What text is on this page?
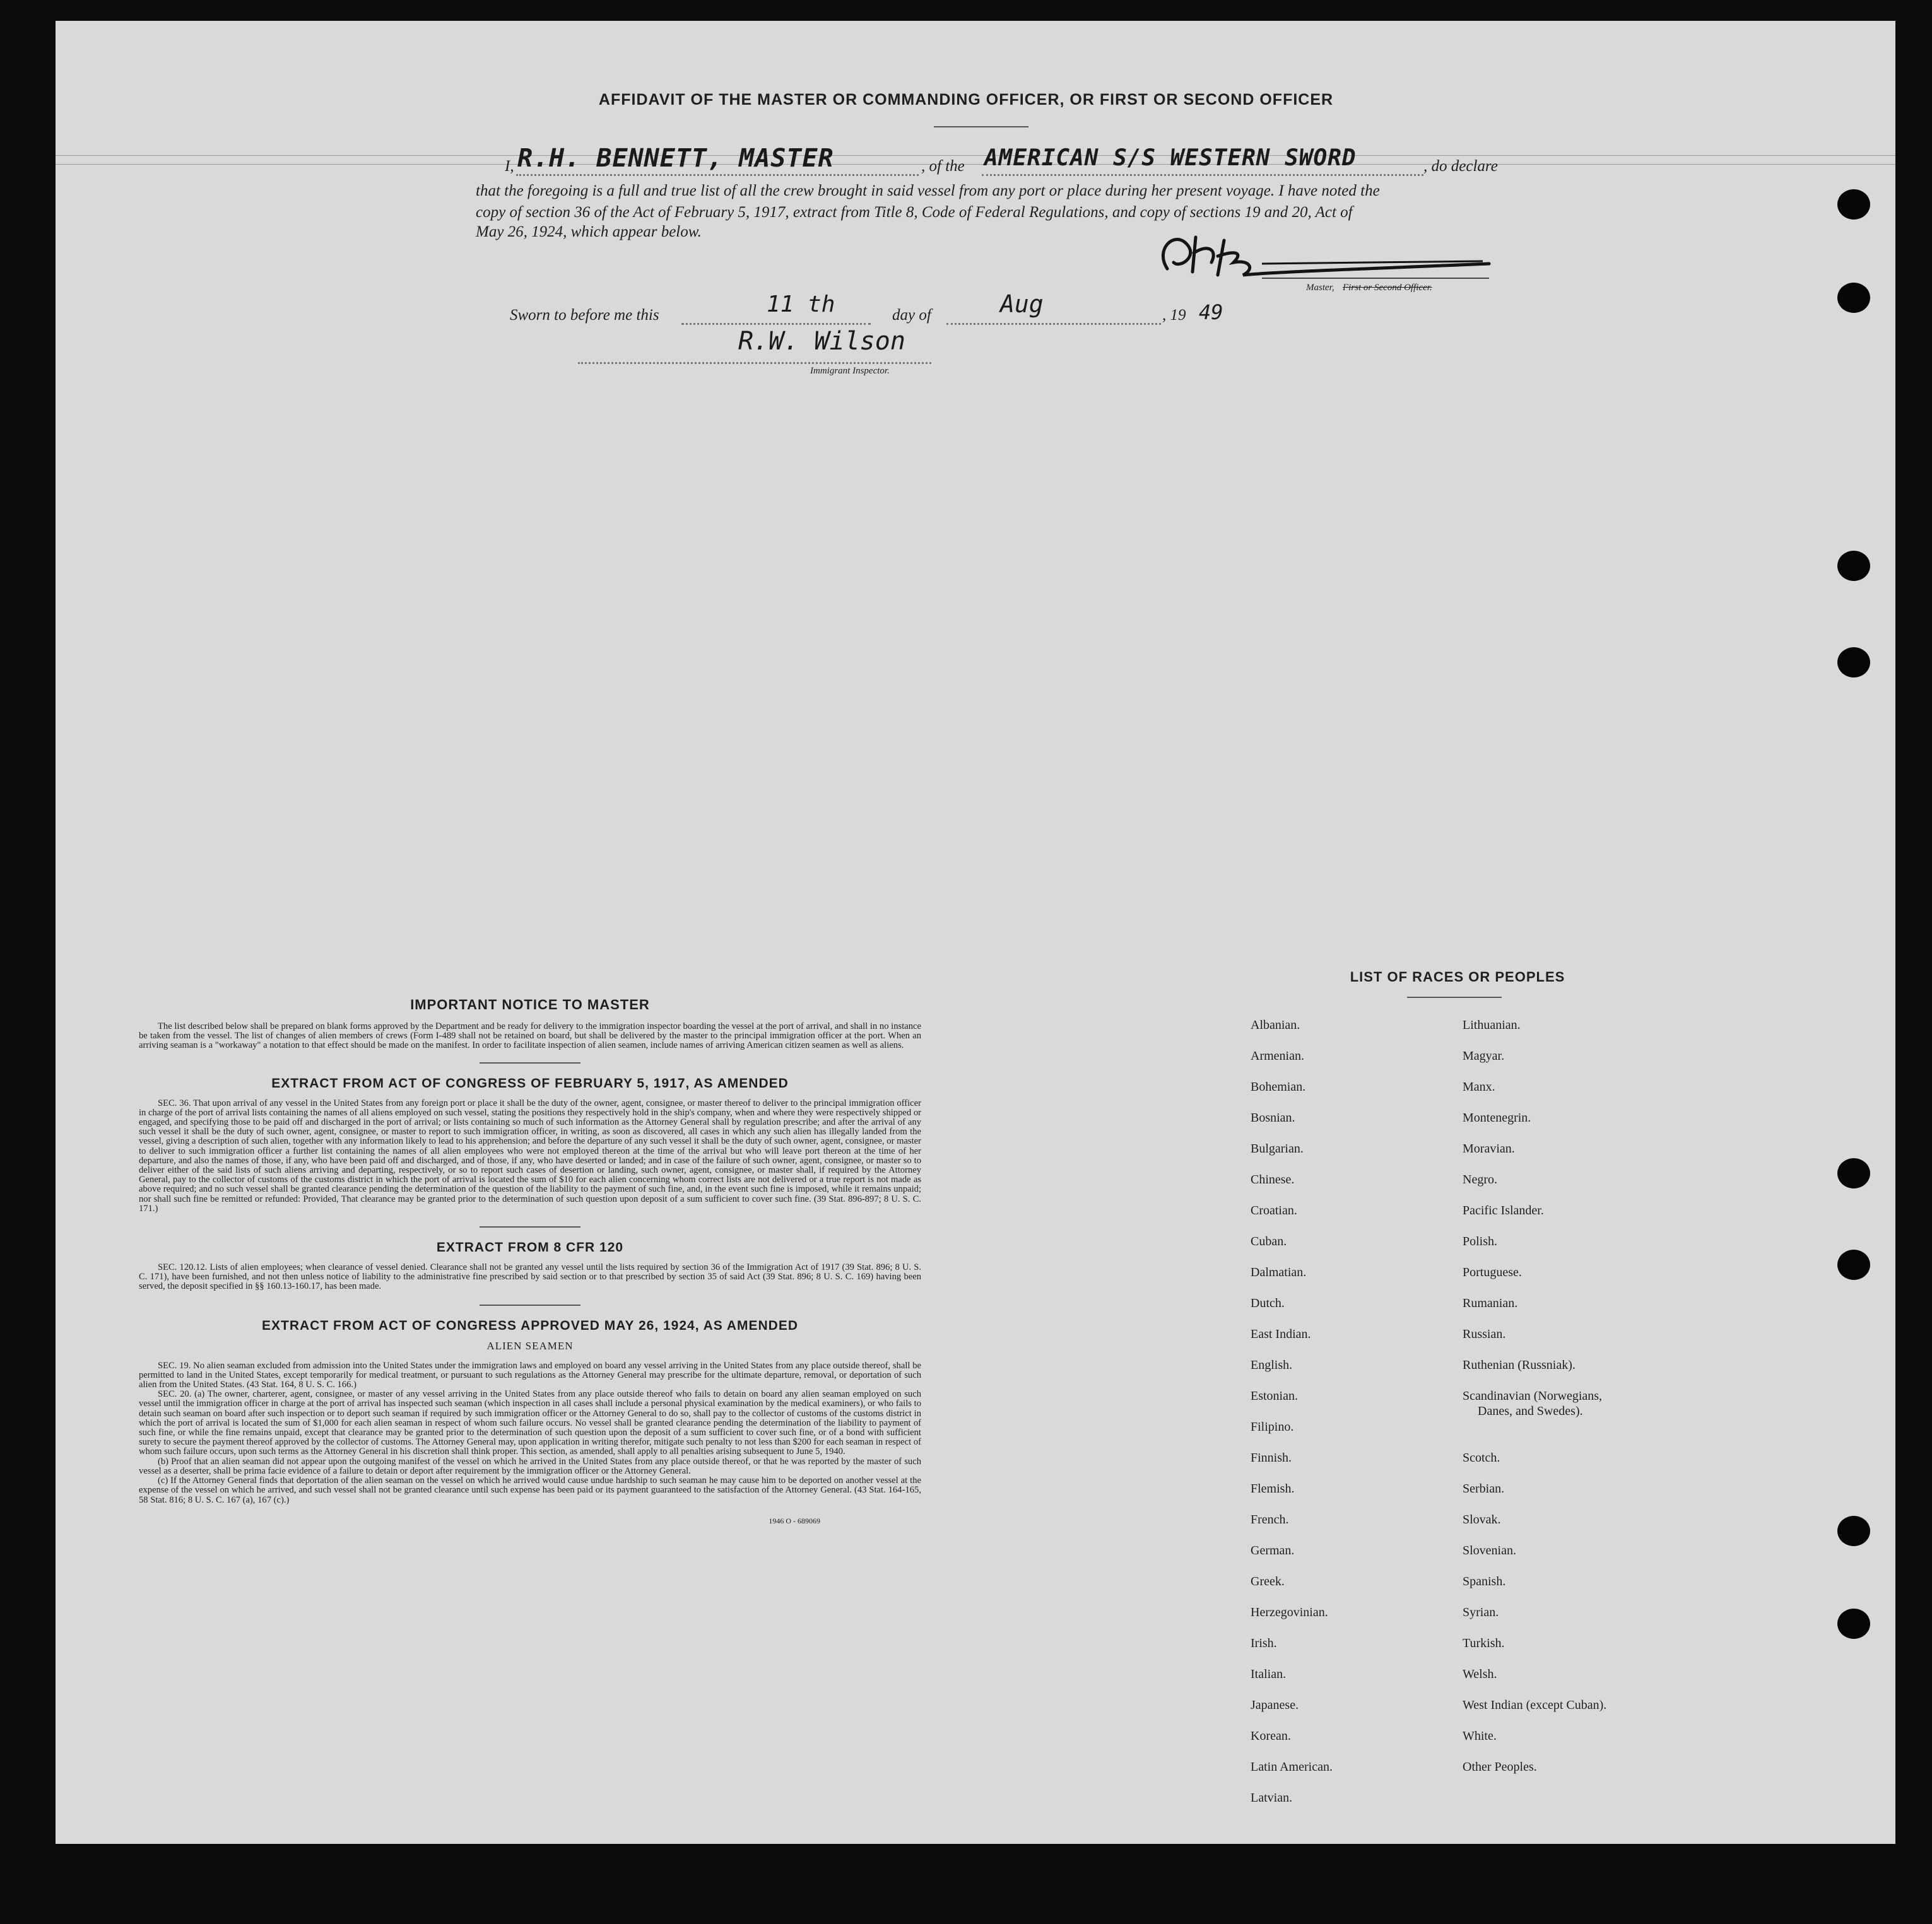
AFFIDAVIT OF THE MASTER OR COMMANDING OFFICER, OR FIRST OR SECOND OFFICER
I, R.H. BENNETT, MASTER	, of the AMERICAN S/S WESTERN SWORD	, do declare
that the foregoing is a full and true list of all the crew brought in said vessel from any port or place during her present voyage. I have noted the
copy of section 36 of the Act of February 5, 1917, extract from Title 8, Code of Federal Regulations, and copy of sections 19 and 20, Act of
May 26, 1924, which appear below.
Master, First or Second Officer.
Sworn to before me this	11 th	day of	Aug	, 19 49
R.W. Wilson
Immigrant Inspector.
IMPORTANT NOTICE TO MASTER

The list described below shall be prepared on blank forms approved by the Department and be ready for delivery to the immigration inspector boarding the vessel at the port of arrival, and shall in no instance be taken from the vessel. The list of changes of alien members of crews (Form I-489 shall not be retained on board, but shall be delivered by the master to the principal immigration officer at the port. When an arriving seaman is a "workaway" a notation to that effect should be made on the manifest. In order to facilitate inspection of alien seamen, include names of arriving American citizen seamen as well as aliens.

EXTRACT FROM ACT OF CONGRESS OF FEBRUARY 5, 1917, AS AMENDED

SEC. 36. That upon arrival of any vessel in the United States from any foreign port or place it shall be the duty of the owner, agent, consignee, or master thereof to deliver to the principal immigration officer in charge of the port of arrival lists containing the names of all aliens employed on such vessel, stating the positions they respectively hold in the ship's company, when and where they were respectively shipped or engaged, and specifying those to be paid off and discharged in the port of arrival; or lists containing so much of such information as the Attorney General shall by regulation prescribe; and after the arrival of any such vessel it shall be the duty of such owner, agent, consignee, or master to report to such immigration officer, in writing, as soon as discovered, all cases in which any such alien has illegally landed from the vessel, giving a description of such alien, together with any information likely to lead to his apprehension; and before the departure of any such vessel it shall be the duty of such owner, agent, consignee, or master to deliver to such immigration officer a further list containing the names of all alien employees who were not employed thereon at the time of the arrival but who will leave port thereon at the time of her departure, and also the names of those, if any, who have been paid off and discharged, and of those, if any, who have deserted or landed; and in case of the failure of such owner, agent, consignee, or master so to deliver either of the said lists of such aliens arriving and departing, respectively, or so to report such cases of desertion or landing, such owner, agent, consignee, or master shall, if required by the Attorney General, pay to the collector of customs of the customs district in which the port of arrival is located the sum of $10 for each alien concerning whom correct lists are not delivered or a true report is not made as above required; and no such vessel shall be granted clearance pending the determination of the question of the liability to the payment of such fine, and, in the event such fine is imposed, while it remains unpaid; nor shall such fine be remitted or refunded: Provided, That clearance may be granted prior to the determination of such question upon deposit of a sum sufficient to cover such fine. (39 Stat. 896-897; 8 U. S. C. 171.)

EXTRACT FROM 8 CFR 120

SEC. 120.12. Lists of alien employees; when clearance of vessel denied. Clearance shall not be granted any vessel until the lists required by section 36 of the Immigration Act of 1917 (39 Stat. 896; 8 U. S. C. 171), have been furnished, and not then unless notice of liability to the administrative fine prescribed by said section or to that prescribed by section 35 of said Act (39 Stat. 896; 8 U. S. C. 169) having been served, the deposit specified in §§ 160.13-160.17, has been made.

EXTRACT FROM ACT OF CONGRESS APPROVED MAY 26, 1924, AS AMENDED
ALIEN SEAMEN

SEC. 19. No alien seaman excluded from admission into the United States under the immigration laws and employed on board any vessel arriving in the United States from any place outside thereof, shall be permitted to land in the United States, except temporarily for medical treatment, or pursuant to such regulations as the Attorney General may prescribe for the ultimate departure, removal, or deportation of such alien from the United States. (43 Stat. 164, 8 U. S. C. 166.)

SEC. 20. (a) The owner, charterer, agent, consignee, or master of any vessel arriving in the United States from any place outside thereof who fails to detain on board any alien seaman employed on such vessel until the immigration officer in charge at the port of arrival has inspected such seaman (which inspection in all cases shall include a personal physical examination by the medical examiners), or who fails to detain such seaman on board after such inspection or to deport such seaman if required by such immigration officer or the Attorney General to do so, shall pay to the collector of customs of the customs district in which the port of arrival is located the sum of $1,000 for each alien seaman in respect of whom such failure occurs. No vessel shall be granted clearance pending the determination of the liability to payment of such fine, or while the fine remains unpaid, except that clearance may be granted prior to the determination of such question upon the deposit of a sum sufficient to cover such fine, or of a bond with sufficient surety to secure the payment thereof approved by the collector of customs. The Attorney General may, upon application in writing therefor, mitigate such penalty to not less than $200 for each seaman in respect of whom such failure occurs, upon such terms as the Attorney General in his discretion shall think proper. This section, as amended, shall apply to all penalties arising subsequent to June 5, 1940.

(b) Proof that an alien seaman did not appear upon the outgoing manifest of the vessel on which he arrived in the United States from any place outside thereof, or that he was reported by the master of such vessel as a deserter, shall be prima facie evidence of a failure to detain or deport after requirement by the immigration officer or the Attorney General.

(c) If the Attorney General finds that deportation of the alien seaman on the vessel on which he arrived would cause undue hardship to such seaman he may cause him to be deported on another vessel at the expense of the vessel on which he arrived, and such vessel shall not be granted clearance until such expense has been paid or its payment guaranteed to the satisfaction of the Attorney General. (43 Stat. 164-165, 58 Stat. 816; 8 U. S. C. 167 (a), 167 (c).)

1946 O - 689069
LIST OF RACES OR PEOPLES
Albanian.
Armenian.
Bohemian.
Bosnian.
Bulgarian.
Chinese.
Croatian.
Cuban.
Dalmatian.
Dutch.
East Indian.
English.
Estonian.
Filipino.
Finnish.
Flemish.
French.
German.
Greek.
Herzegovinian.
Irish.
Italian.
Japanese.
Korean.
Latin American.
Latvian.
Lithuanian.
Magyar.
Manx.
Montenegrin.
Moravian.
Negro.
Pacific Islander.
Polish.
Portuguese.
Rumanian.
Russian.
Ruthenian (Russniak).
Scandinavian (Norwegians,
Danes, and Swedes).
Scotch.
Serbian.
Slovak.
Slovenian.
Spanish.
Syrian.
Turkish.
Welsh.
West Indian (except Cuban).
White.
Other Peoples.
